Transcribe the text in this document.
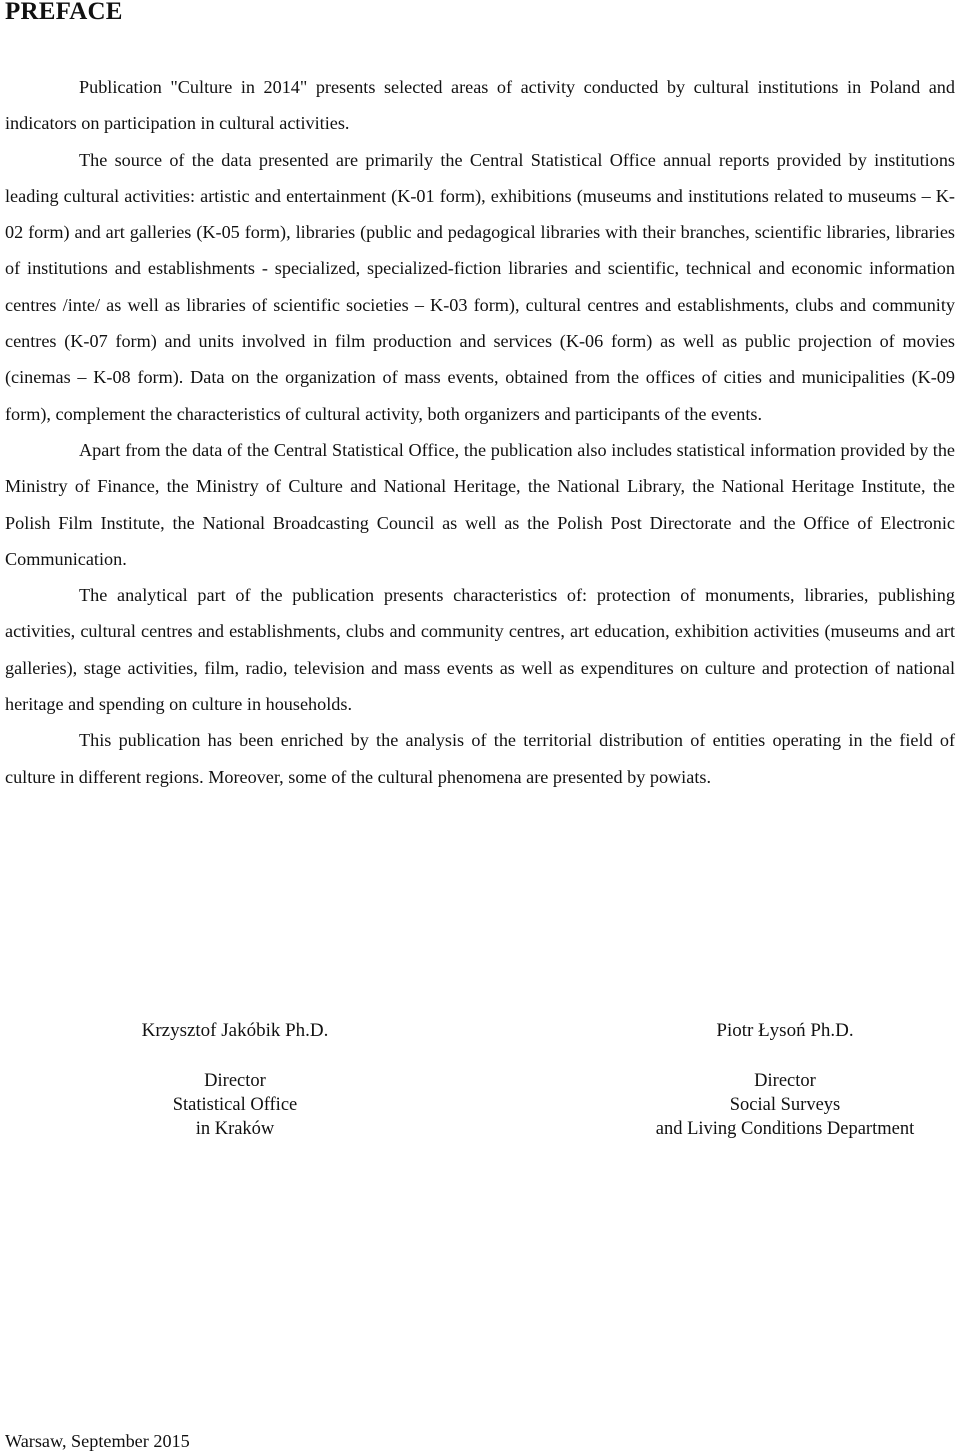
PREFACE

Publication "Culture in 2014" presents selected areas of activity conducted by cultural institutions in Poland and indicators on participation in cultural activities.

The source of the data presented are primarily the Central Statistical Office annual reports provided by institutions leading cultural activities: artistic and entertainment (K-01 form), exhibitions (museums and institutions related to museums – K-02 form) and art galleries (K-05 form), libraries (public and pedagogical libraries with their branches, scientific libraries, libraries of institutions and establishments - specialized, specialized-fiction libraries and scientific, technical and economic information centres /inte/ as well as libraries of scientific societies – K-03 form), cultural centres and establishments, clubs and community centres (K-07 form) and units involved in film production and services (K-06 form) as well as public projection of movies (cinemas – K-08 form). Data on the organization of mass events, obtained from the offices of cities and municipalities (K-09 form), complement the characteristics of cultural activity, both organizers and participants of the events.

Apart from the data of the Central Statistical Office, the publication also includes statistical information provided by the Ministry of Finance, the Ministry of Culture and National Heritage, the National Library, the National Heritage Institute, the Polish Film Institute, the National Broadcasting Council as well as the Polish Post Directorate and the Office of Electronic Communication.

The analytical part of the publication presents characteristics of: protection of monuments, libraries, publishing activities, cultural centres and establishments, clubs and community centres, art education, exhibition activities (museums and art galleries), stage activities, film, radio, television and mass events as well as expenditures on culture and protection of national heritage and spending on culture in households.

This publication has been enriched by the analysis of the territorial distribution of entities operating in the field of culture in different regions. Moreover, some of the cultural phenomena are presented by powiats.

Krzysztof Jakóbik Ph.D.
Director
Statistical Office
in Kraków
Piotr Łysoń Ph.D.
Director
Social Surveys
and Living Conditions Department
Warsaw, September 2015
